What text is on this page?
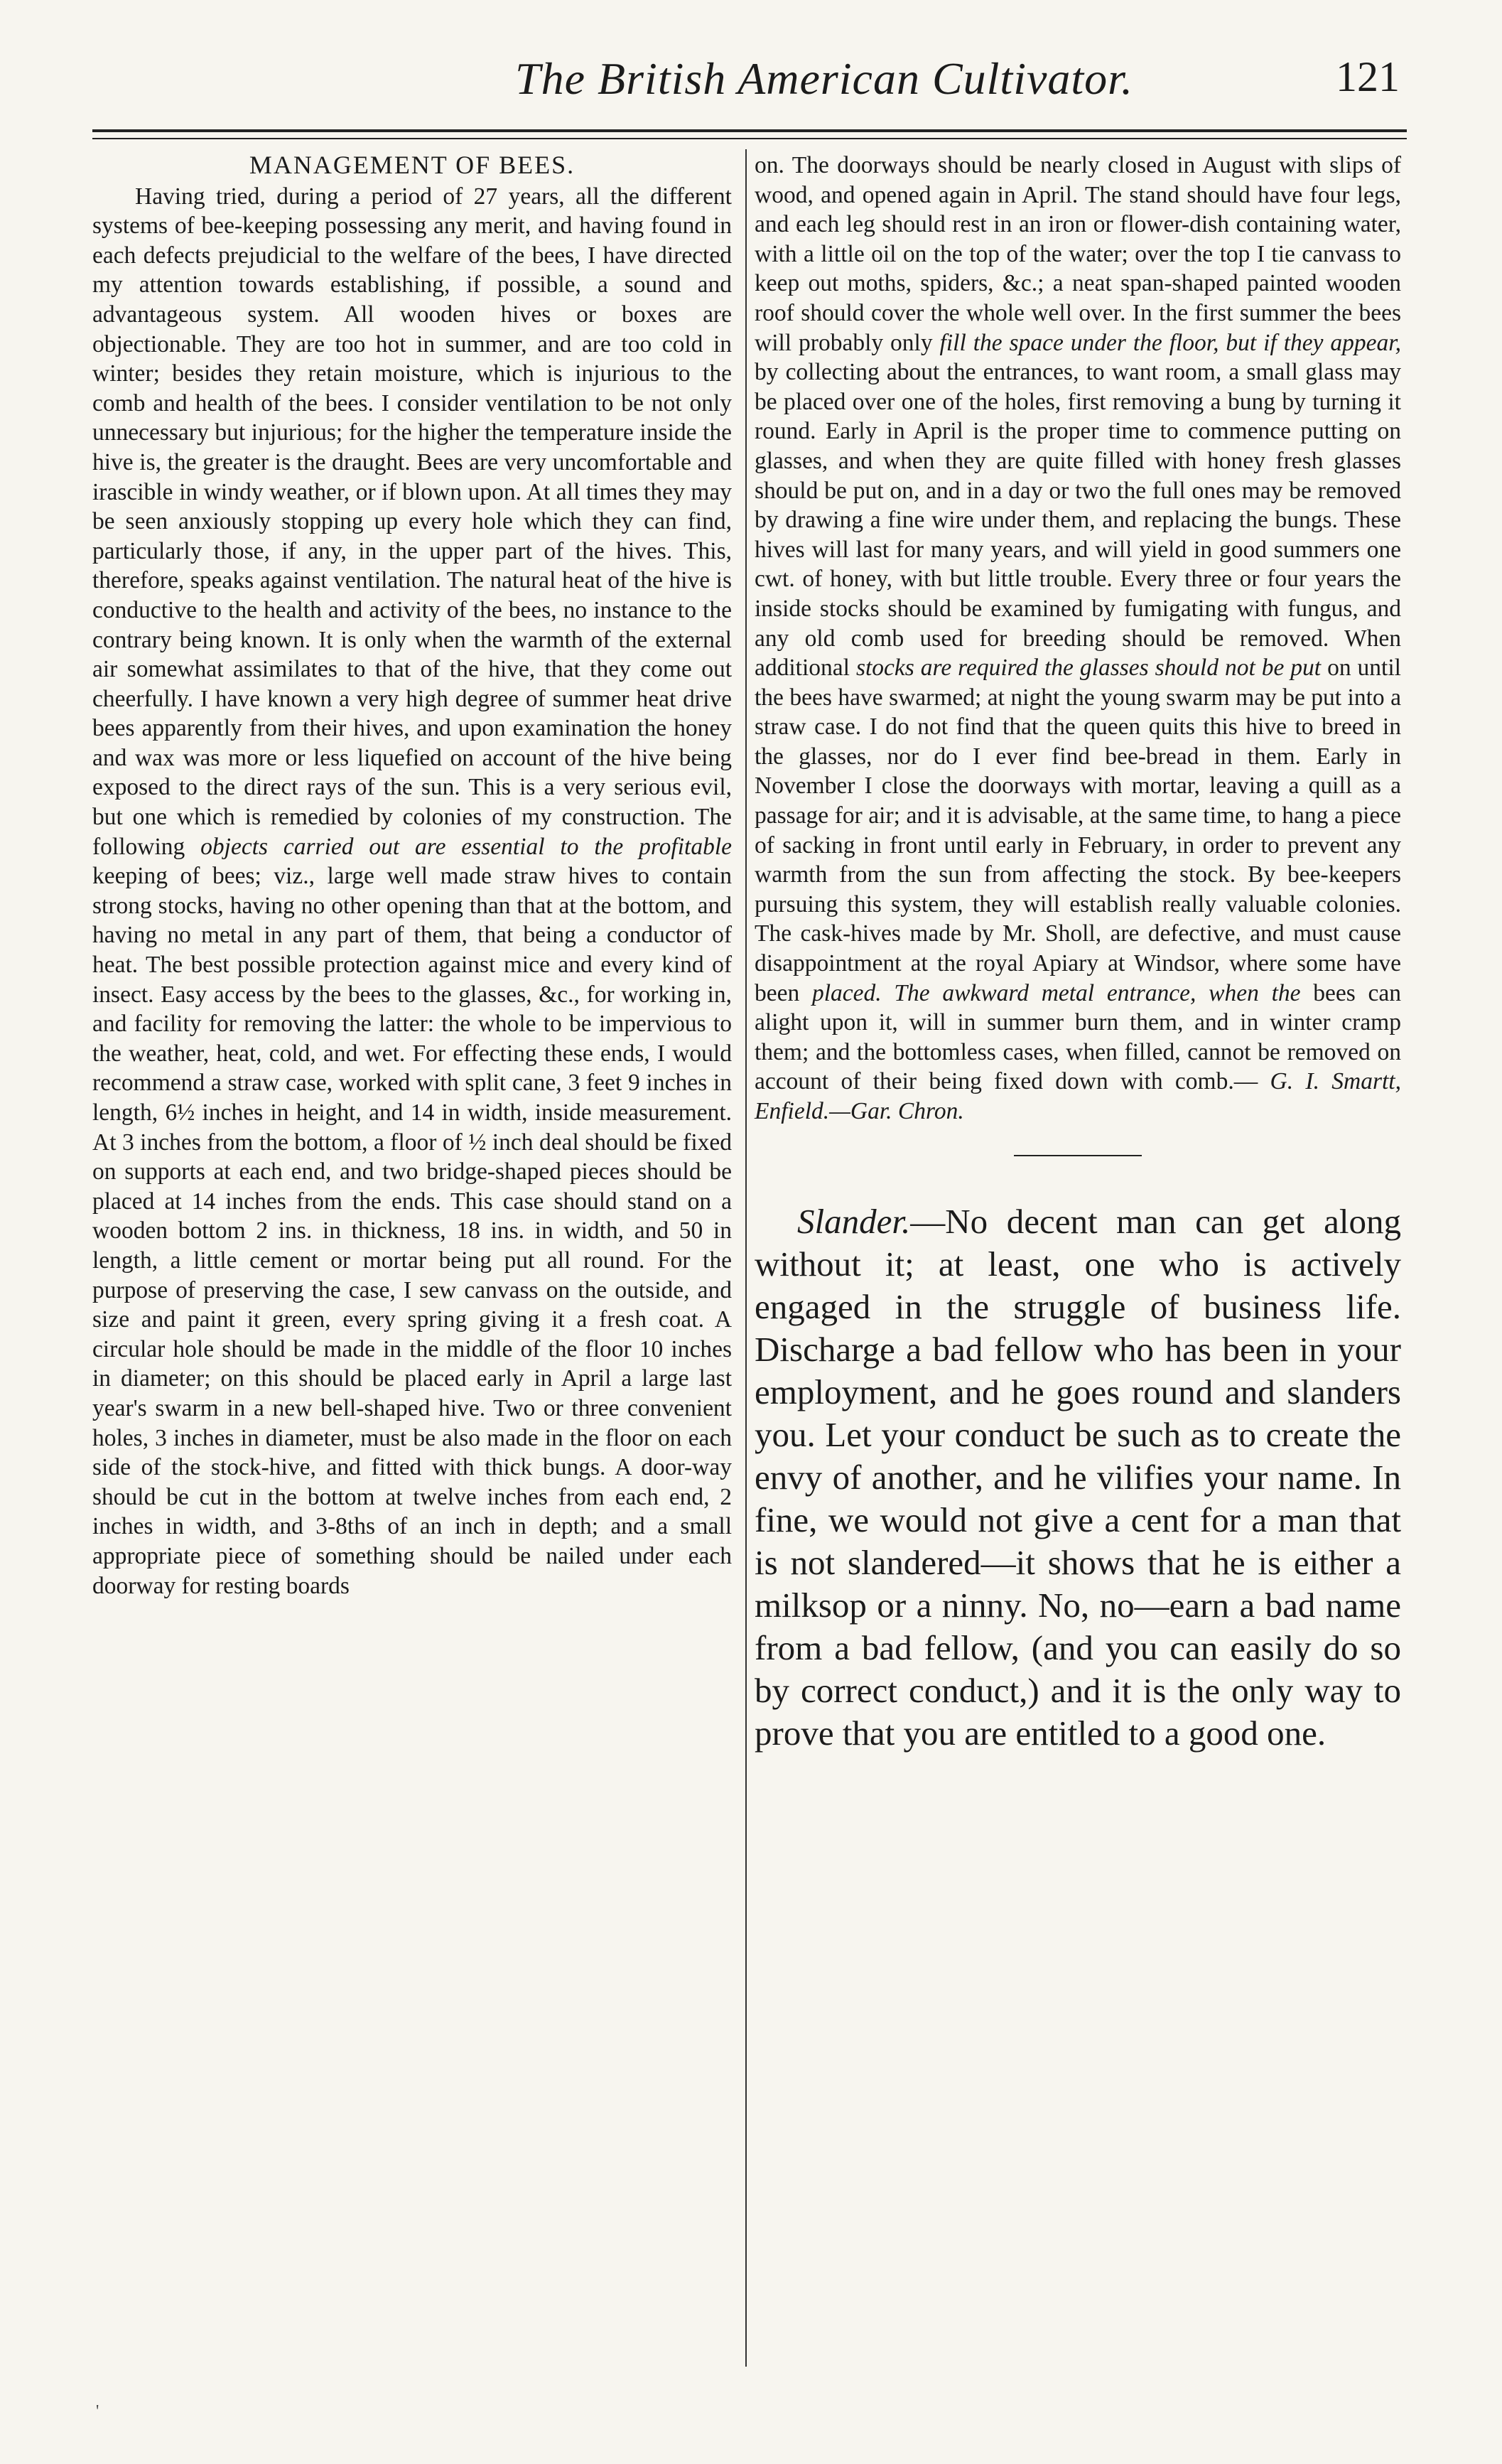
The British American Cultivator.	121

MANAGEMENT OF BEES.

Having tried, during a period of 27 years, all the different systems of bee-keeping possessing any merit, and having found in each defects prejudicial to the welfare of the bees, I have directed my attention towards establishing, if possible, a sound and advantageous system. All wooden hives or boxes are objectionable. They are too hot in summer, and are too cold in winter; besides they retain moisture, which is injurious to the comb and health of the bees. I consider ventilation to be not only unnecessary but injurious; for the higher the temperature inside the hive is, the greater is the draught. Bees are very uncomfortable and irascible in windy weather, or if blown upon. At all times they may be seen anxiously stopping up every hole which they can find, particularly those, if any, in the upper part of the hives. This, therefore, speaks against ventilation. The natural heat of the hive is conductive to the health and activity of the bees, no instance to the contrary being known. It is only when the warmth of the external air somewhat assimilates to that of the hive, that they come out cheerfully. I have known a very high degree of summer heat drive bees apparently from their hives, and upon examination the honey and wax was more or less liquefied on account of the hive being exposed to the direct rays of the sun. This is a very serious evil, but one which is remedied by colonies of my construction. The following objects carried out are essential to the profitable keeping of bees; viz., large well made straw hives to contain strong stocks, having no other opening than that at the bottom, and having no metal in any part of them, that being a conductor of heat. The best possible protection against mice and every kind of insect. Easy access by the bees to the glasses, &c., for working in, and facility for removing the latter: the whole to be impervious to the weather, heat, cold, and wet. For effecting these ends, I would recommend a straw case, worked with split cane, 3 feet 9 inches in length, 6½ inches in height, and 14 in width, inside measurement. At 3 inches from the bottom, a floor of ½ inch deal should be fixed on supports at each end, and two bridge-shaped pieces should be placed at 14 inches from the ends. This case should stand on a wooden bottom 2 ins. in thickness, 18 ins. in width, and 50 in length, a little cement or mortar being put all round. For the purpose of preserving the case, I sew canvass on the outside, and size and paint it green, every spring giving it a fresh coat. A circular hole should be made in the middle of the floor 10 inches in diameter; on this should be placed early in April a large last year's swarm in a new bell-shaped hive. Two or three convenient holes, 3 inches in diameter, must be also made in the floor on each side of the stock-hive, and fitted with thick bungs. A door-way should be cut in the bottom at twelve inches from each end, 2 inches in width, and 3-8ths of an inch in depth; and a small appropriate piece of something should be nailed under each doorway for resting boards

on. The doorways should be nearly closed in August with slips of wood, and opened again in April. The stand should have four legs, and each leg should rest in an iron or flower-dish containing water, with a little oil on the top of the water; over the top I tie canvass to keep out moths, spiders, &c.; a neat span-shaped painted wooden roof should cover the whole well over. In the first summer the bees will probably only fill the space under the floor, but if they appear, by collecting about the entrances, to want room, a small glass may be placed over one of the holes, first removing a bung by turning it round. Early in April is the proper time to commence putting on glasses, and when they are quite filled with honey fresh glasses should be put on, and in a day or two the full ones may be removed by drawing a fine wire under them, and replacing the bungs. These hives will last for many years, and will yield in good summers one cwt. of honey, with but little trouble. Every three or four years the inside stocks should be examined by fumigating with fungus, and any old comb used for breeding should be removed. When additional stocks are required the glasses should not be put on until the bees have swarmed; at night the young swarm may be put into a straw case. I do not find that the queen quits this hive to breed in the glasses, nor do I ever find bee-bread in them. Early in November I close the doorways with mortar, leaving a quill as a passage for air; and it is advisable, at the same time, to hang a piece of sacking in front until early in February, in order to prevent any warmth from the sun from affecting the stock. By bee-keepers pursuing this system, they will establish really valuable colonies. The cask-hives made by Mr. Sholl, are defective, and must cause disappointment at the royal Apiary at Windsor, where some have been placed. The awkward metal entrance, when the bees can alight upon it, will in summer burn them, and in winter cramp them; and the bottomless cases, when filled, cannot be removed on account of their being fixed down with comb.— G. I. Smartt, Enfield.—Gar. Chron.

Slander.—No decent man can get along without it; at least, one who is actively engaged in the struggle of business life. Discharge a bad fellow who has been in your employment, and he goes round and slanders you. Let your conduct be such as to create the envy of another, and he vilifies your name. In fine, we would not give a cent for a man that is not slandered—it shows that he is either a milksop or a ninny. No, no—earn a bad name from a bad fellow, (and you can easily do so by correct conduct,) and it is the only way to prove that you are entitled to a good one.

'
